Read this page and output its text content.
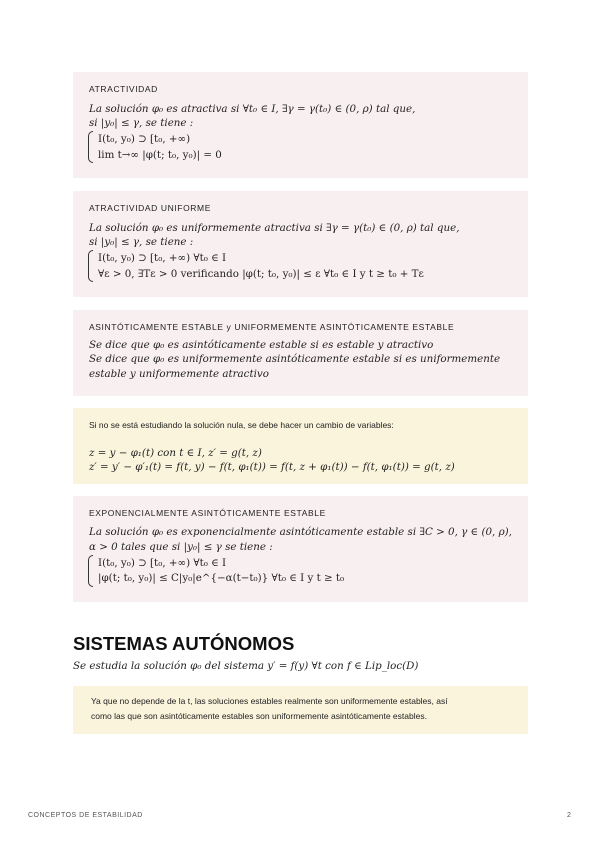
ATRACTIVIDAD
La solución φ₀ es atractiva si ∀t₀ ∈ I, ∃γ = γ(t₀) ∈ (0, ρ) tal que,
si |y₀| ≤ γ, se tiene :
I(t₀, y₀) ⊃ [t₀, +∞)
lim t→∞ |φ(t; t₀, y₀)| = 0
ATRACTIVIDAD UNIFORME
La solución φ₀ es uniformemente atractiva si ∃γ = γ(t₀) ∈ (0, ρ) tal que,
si |y₀| ≤ γ, se tiene :
I(t₀, y₀) ⊃ [t₀, +∞) ∀t₀ ∈ I
∀ε > 0, ∃Tε > 0 verificando |φ(t; t₀, y₀)| ≤ ε ∀t₀ ∈ I y t ≥ t₀ + Tε
ASINTÓTICAMENTE ESTABLE y UNIFORMEMENTE ASINTÓTICAMENTE ESTABLE
Se dice que φ₀ es asintóticamente estable si es estable y atractivo
Se dice que φ₀ es uniformemente asintóticamente estable si es uniformemente
estable y uniformemente atractivo
Si no se está estudiando la solución nula, se debe hacer un cambio de variables:
z = y − φ₁(t) con t ∈ I, z′ = g(t, z)
z′ = y′ − φ′₁(t) = f(t, y) − f(t, φ₁(t)) = f(t, z + φ₁(t)) − f(t, φ₁(t)) = g(t, z)
EXPONENCIALMENTE ASINTÓTICAMENTE ESTABLE
La solución φ₀ es exponencialmente asintóticamente estable si ∃C > 0, γ ∈ (0, ρ),
α > 0 tales que si |y₀| ≤ γ se tiene :
I(t₀, y₀) ⊃ [t₀, +∞) ∀t₀ ∈ I
|φ(t; t₀, y₀)| ≤ C|y₀|e^{−α(t−t₀)} ∀t₀ ∈ I y t ≥ t₀
SISTEMAS AUTÓNOMOS
Se estudia la solución φ₀ del sistema y′ = f(y) ∀t con f ∈ Lip_loc(D)
Ya que no depende de la t, las soluciones estables realmente son uniformemente estables, así
como las que son asintóticamente estables son uniformemente asintóticamente estables.
CONCEPTOS DE ESTABILIDAD	2
